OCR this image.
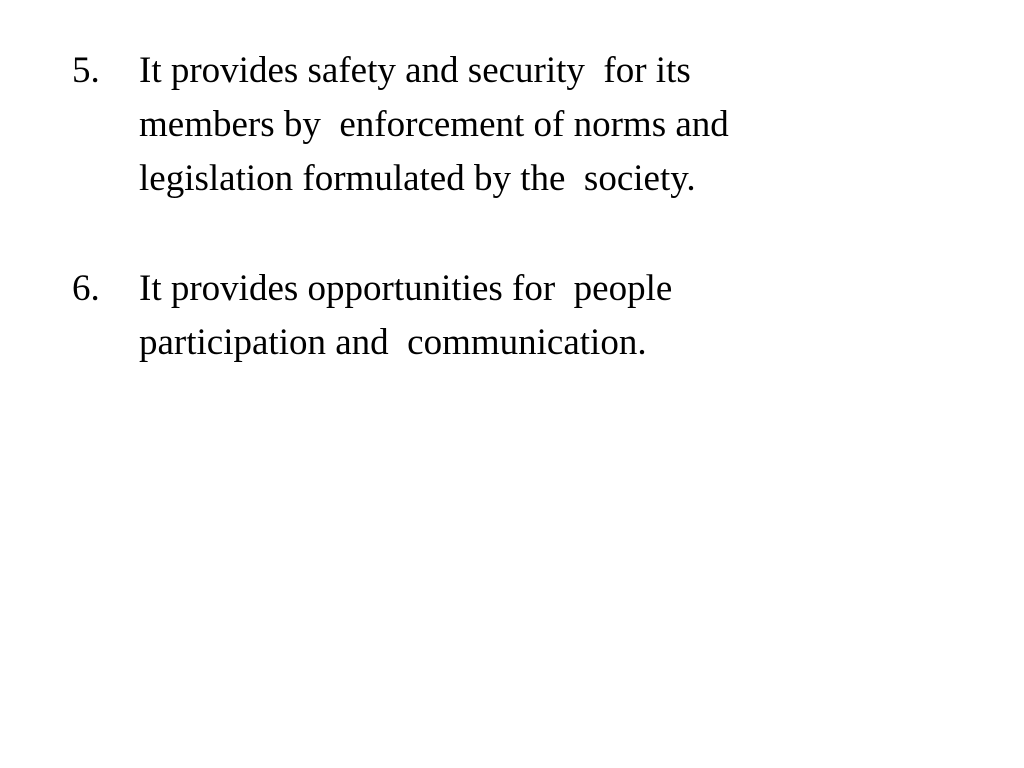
5. It provides safety and security  for its
members by  enforcement of norms and
legislation formulated by the  society.
6. It provides opportunities for  people
participation and  communication.
